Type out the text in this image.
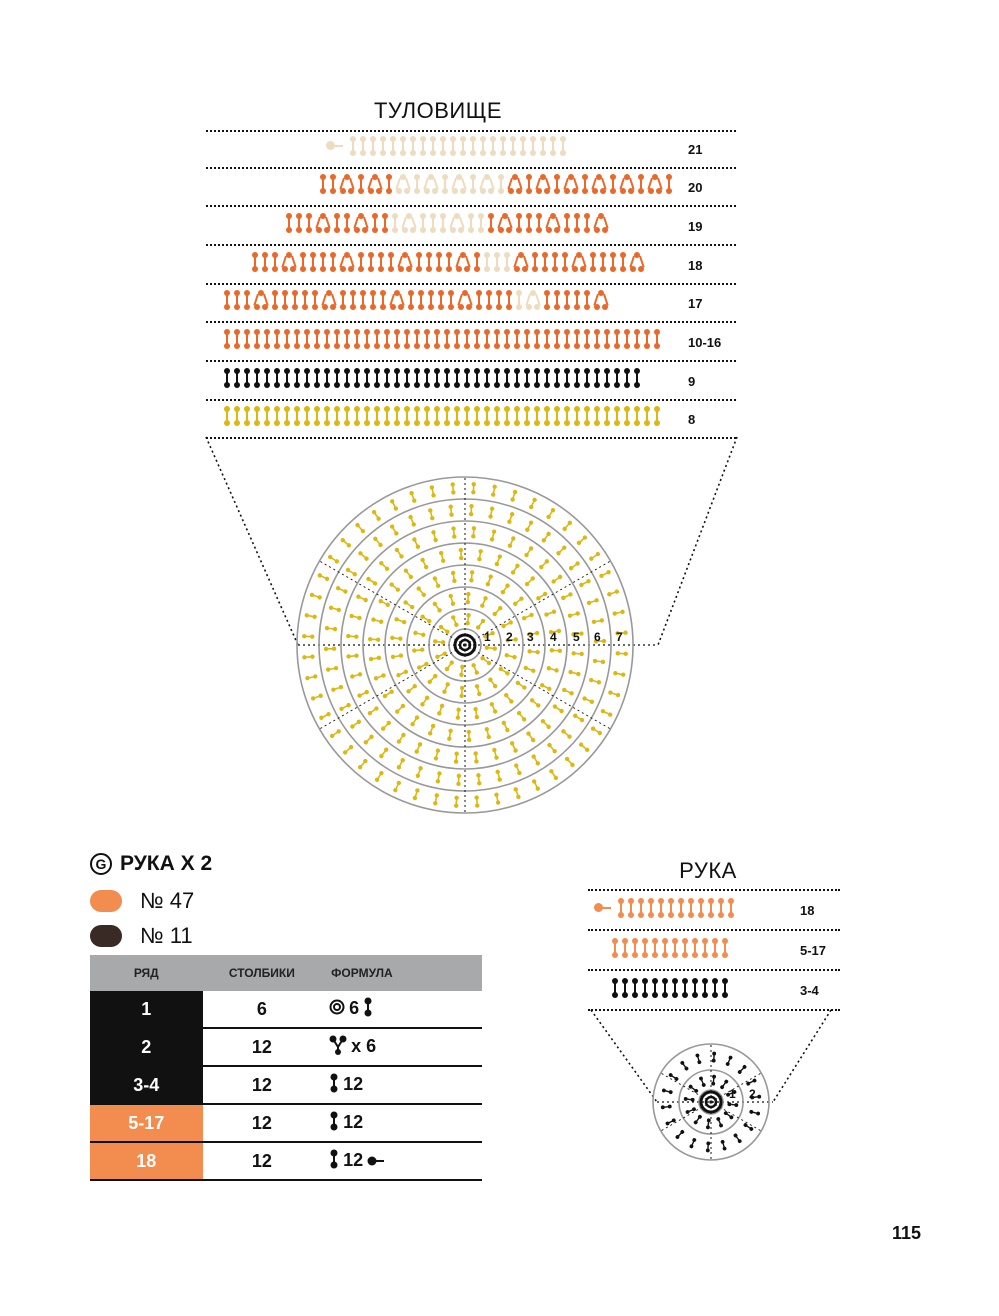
ТУЛОВИЩЕ
21
20
19
18
17
10-16
9
8
1 2 3 4 5 6 7
РУКА
18
5-17
3-4
1 2
G РУКА X 2
№ 47
№ 11
РЯД	СТОЛБИКИ	ФОРМУЛА
1	6	6
2	12	x 6
3-4	12	12
5-17	12	12
18	12	12
115
